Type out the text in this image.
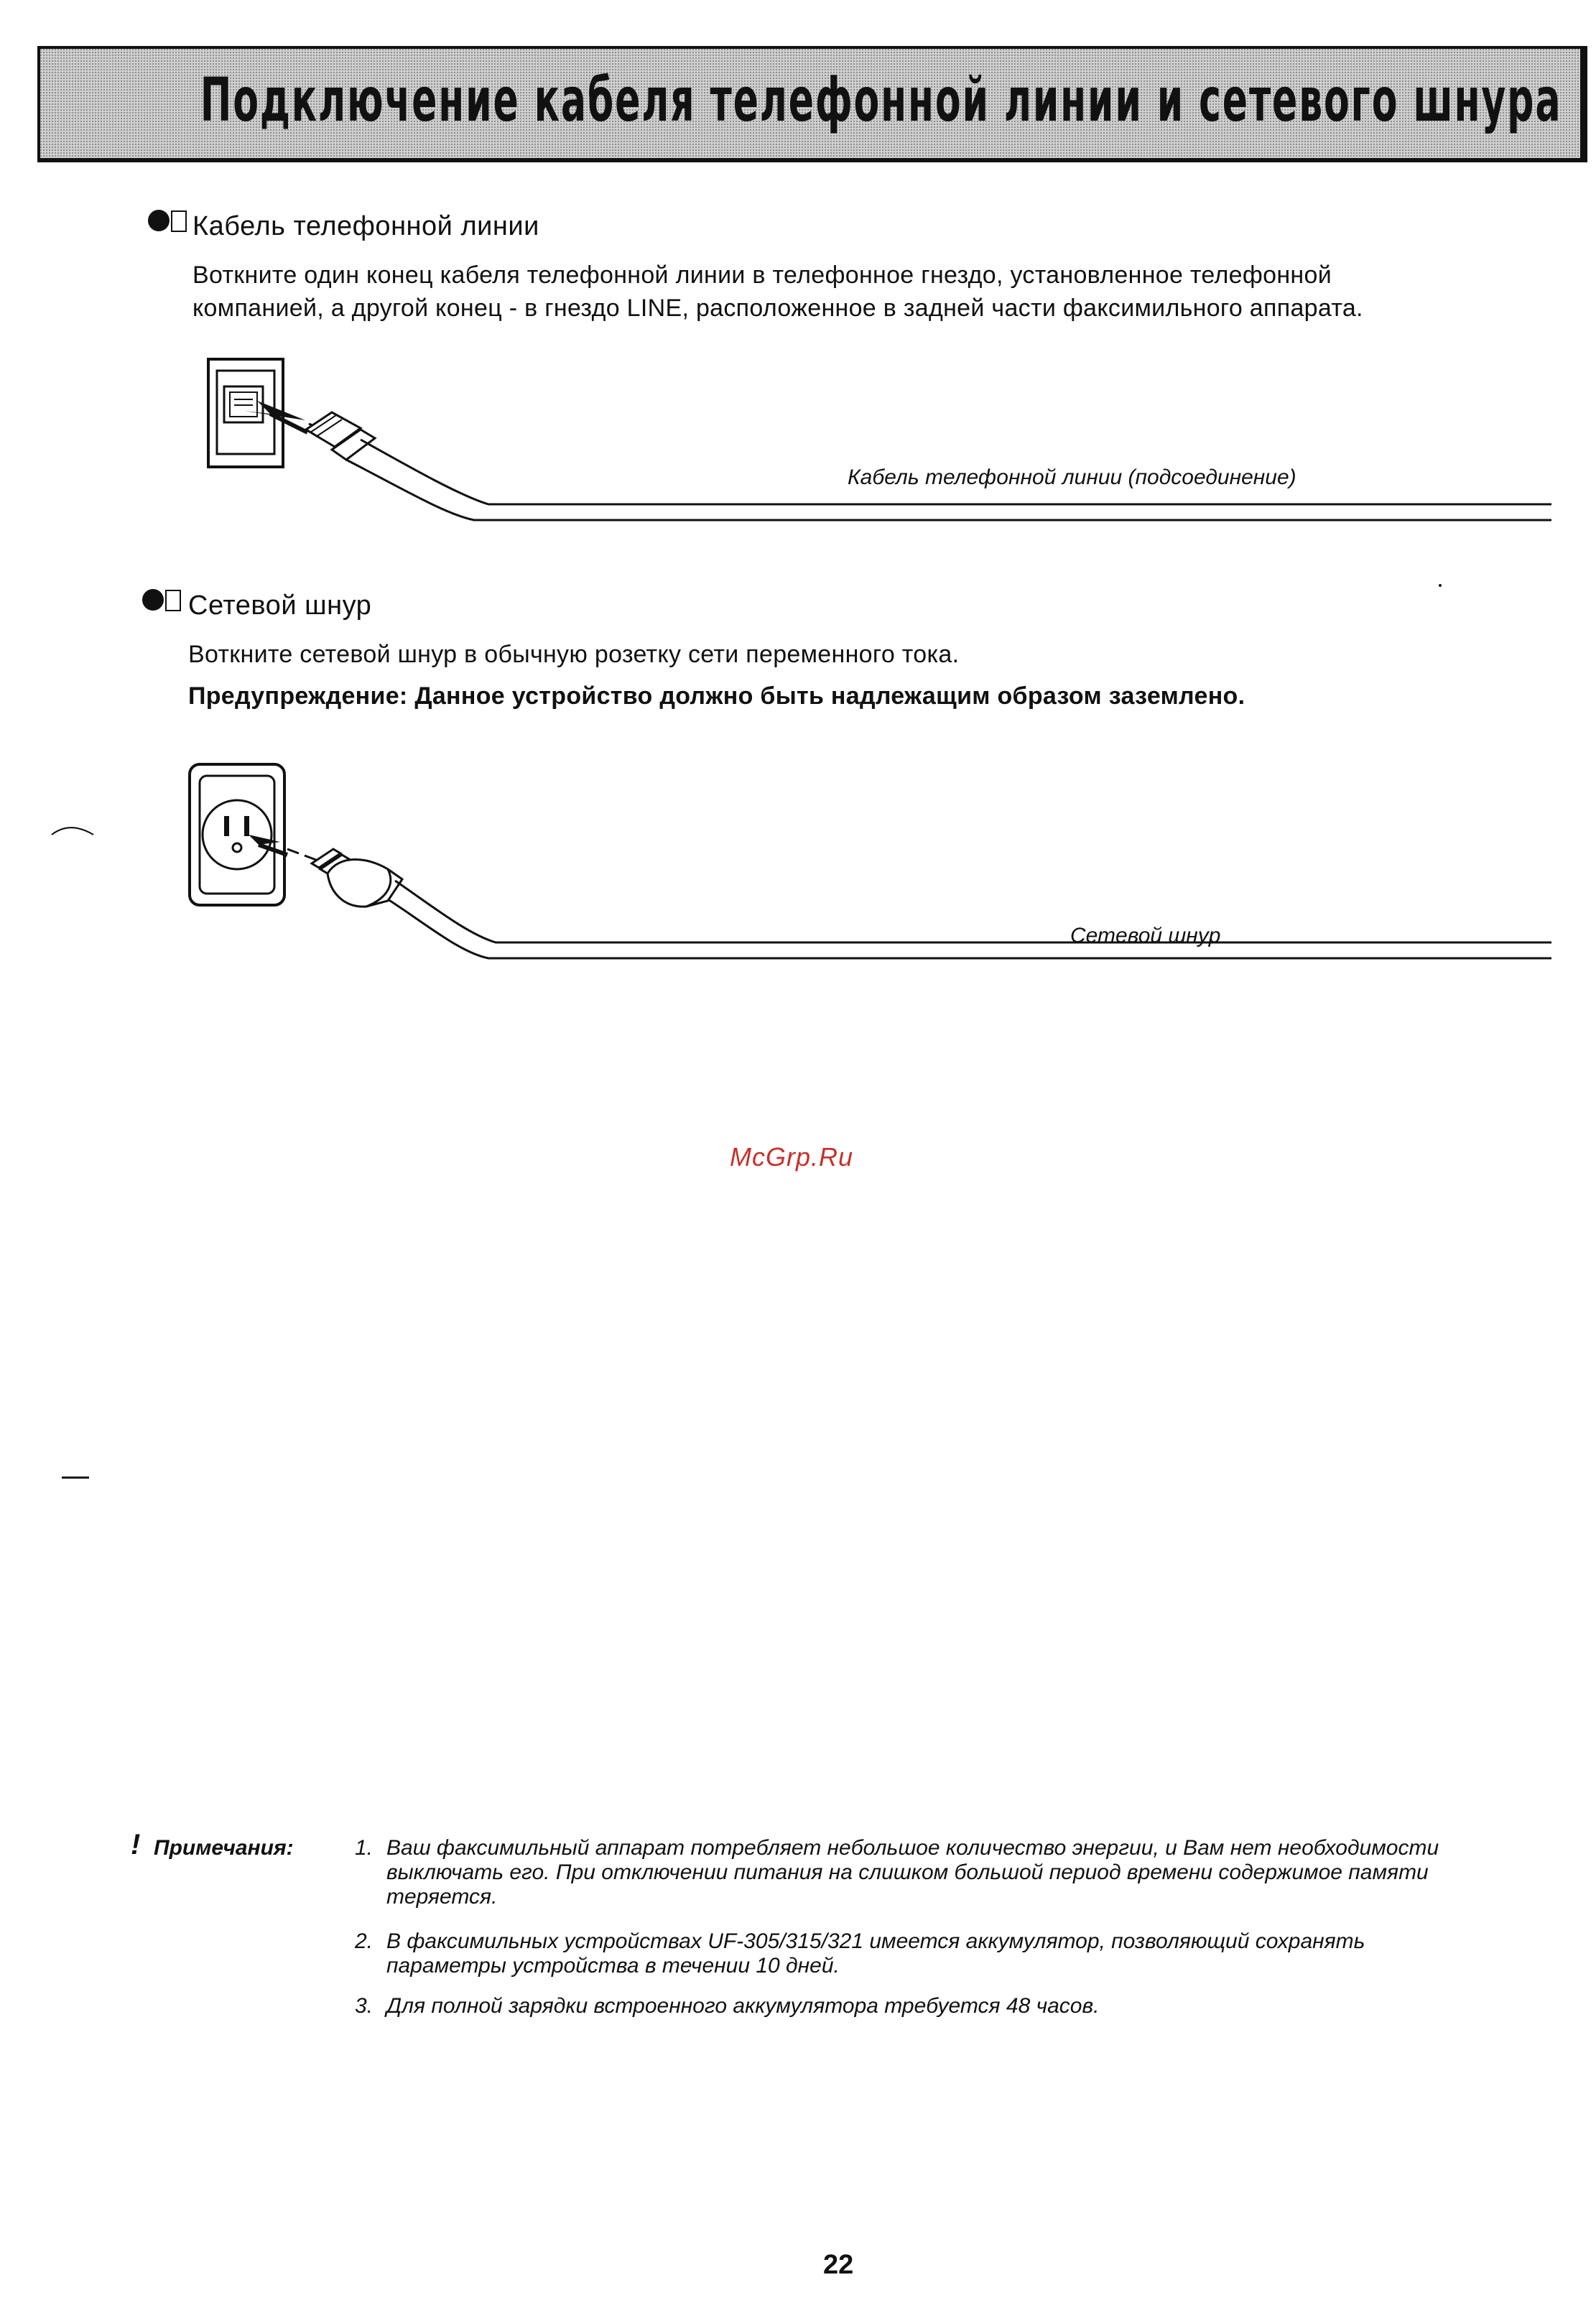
Подключение кабеля телефонной линии и сетевого шнура
Кабель телефонной линии
Воткните один конец кабеля телефонной линии в телефонное гнездо, установленное телефонной
компанией, а другой конец - в гнездо LINE, расположенное в задней части факсимильного аппарата.
Кабель телефонной линии (подсоединение)
Сетевой шнур
Воткните сетевой шнур в обычную розетку сети переменного тока.
Предупреждение: Данное устройство должно быть надлежащим образом заземлено.
Сетевой шнур
McGrp.Ru
! Примечания:	1. Ваш факсимильный аппарат потребляет небольшое количество энергии, и Вам нет необходимости
выключать его. При отключении питания на слишком большой период времени содержимое памяти
теряется.
2. В факсимильных устройствах UF-305/315/321 имеется аккумулятор, позволяющий сохранять
параметры устройства в течении 10 дней.
3. Для полной зарядки встроенного аккумулятора требуется 48 часов.
22
